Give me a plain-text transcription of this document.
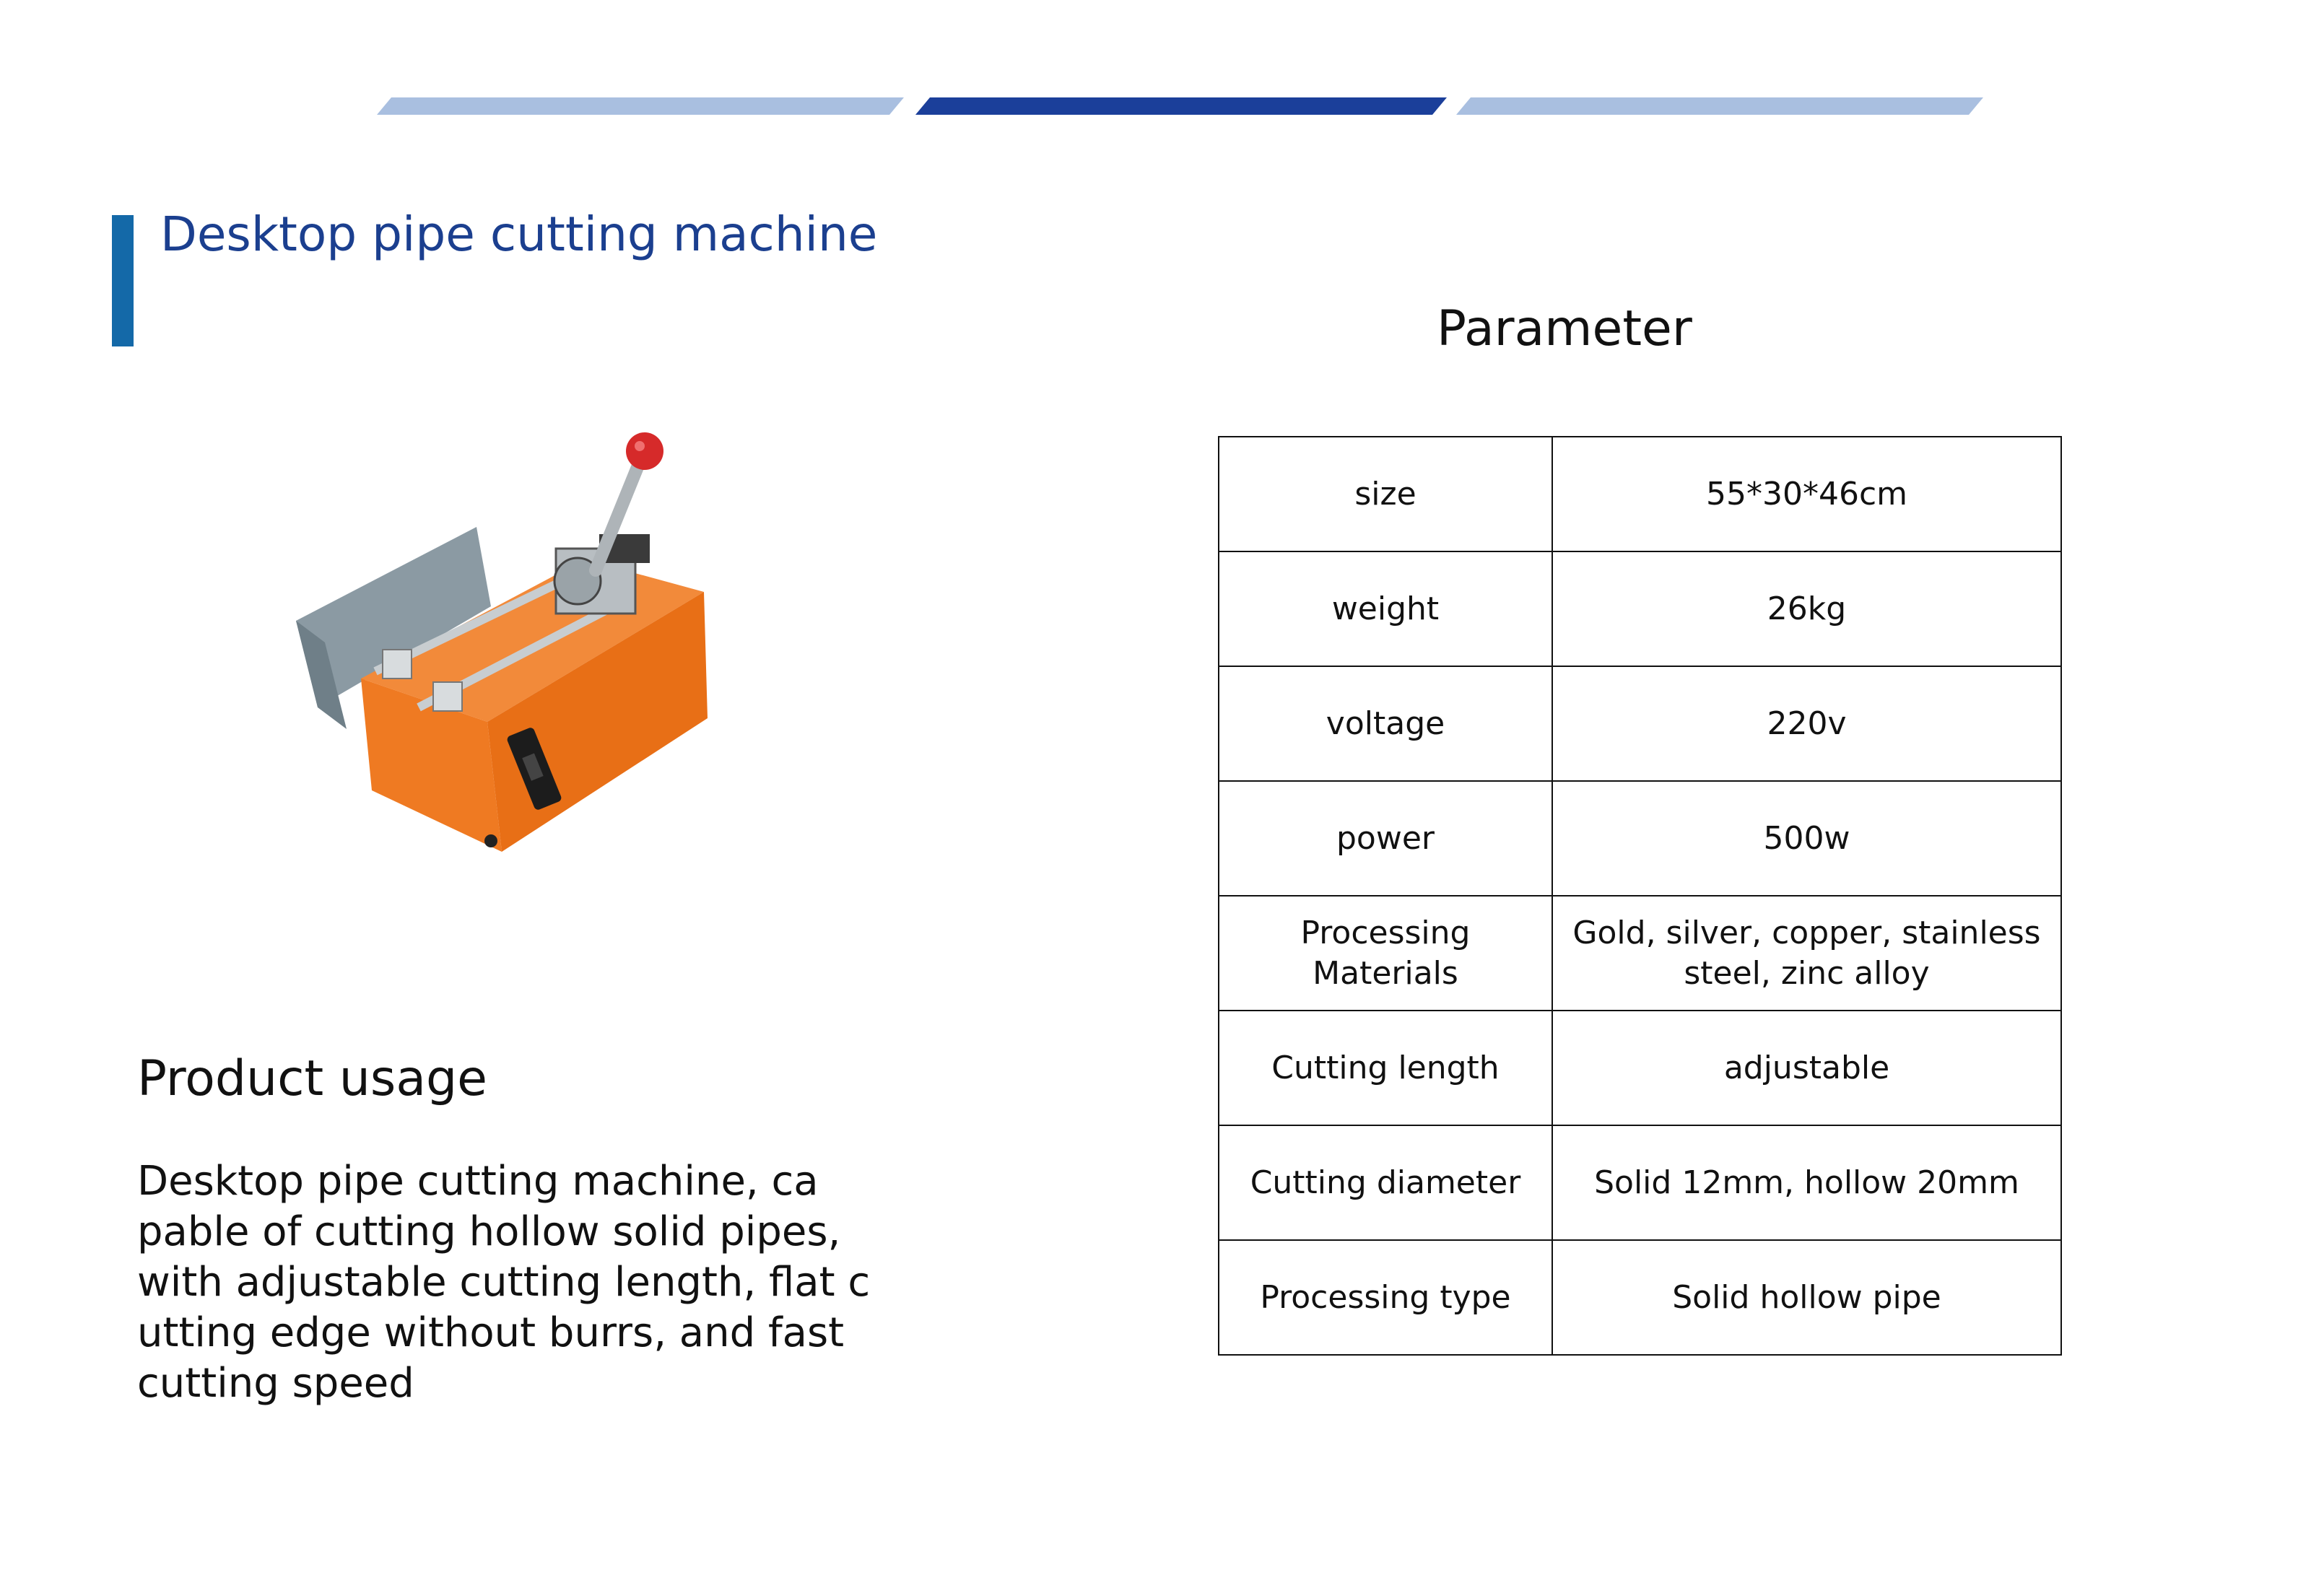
Desktop pipe cutting machine
Parameter
Product usage
Desktop pipe cutting machine, ca
pable of cutting hollow solid pipes,
with adjustable cutting length, flat c
utting edge without burrs, and fast
cutting speed
size	55*30*46cm
weight	26kg
voltage	220v
power	500w
Processing Materials	Gold, silver, copper, stainless steel, zinc alloy
Cutting length	adjustable
Cutting diameter	Solid 12mm, hollow 20mm
Processing type	Solid hollow pipe
